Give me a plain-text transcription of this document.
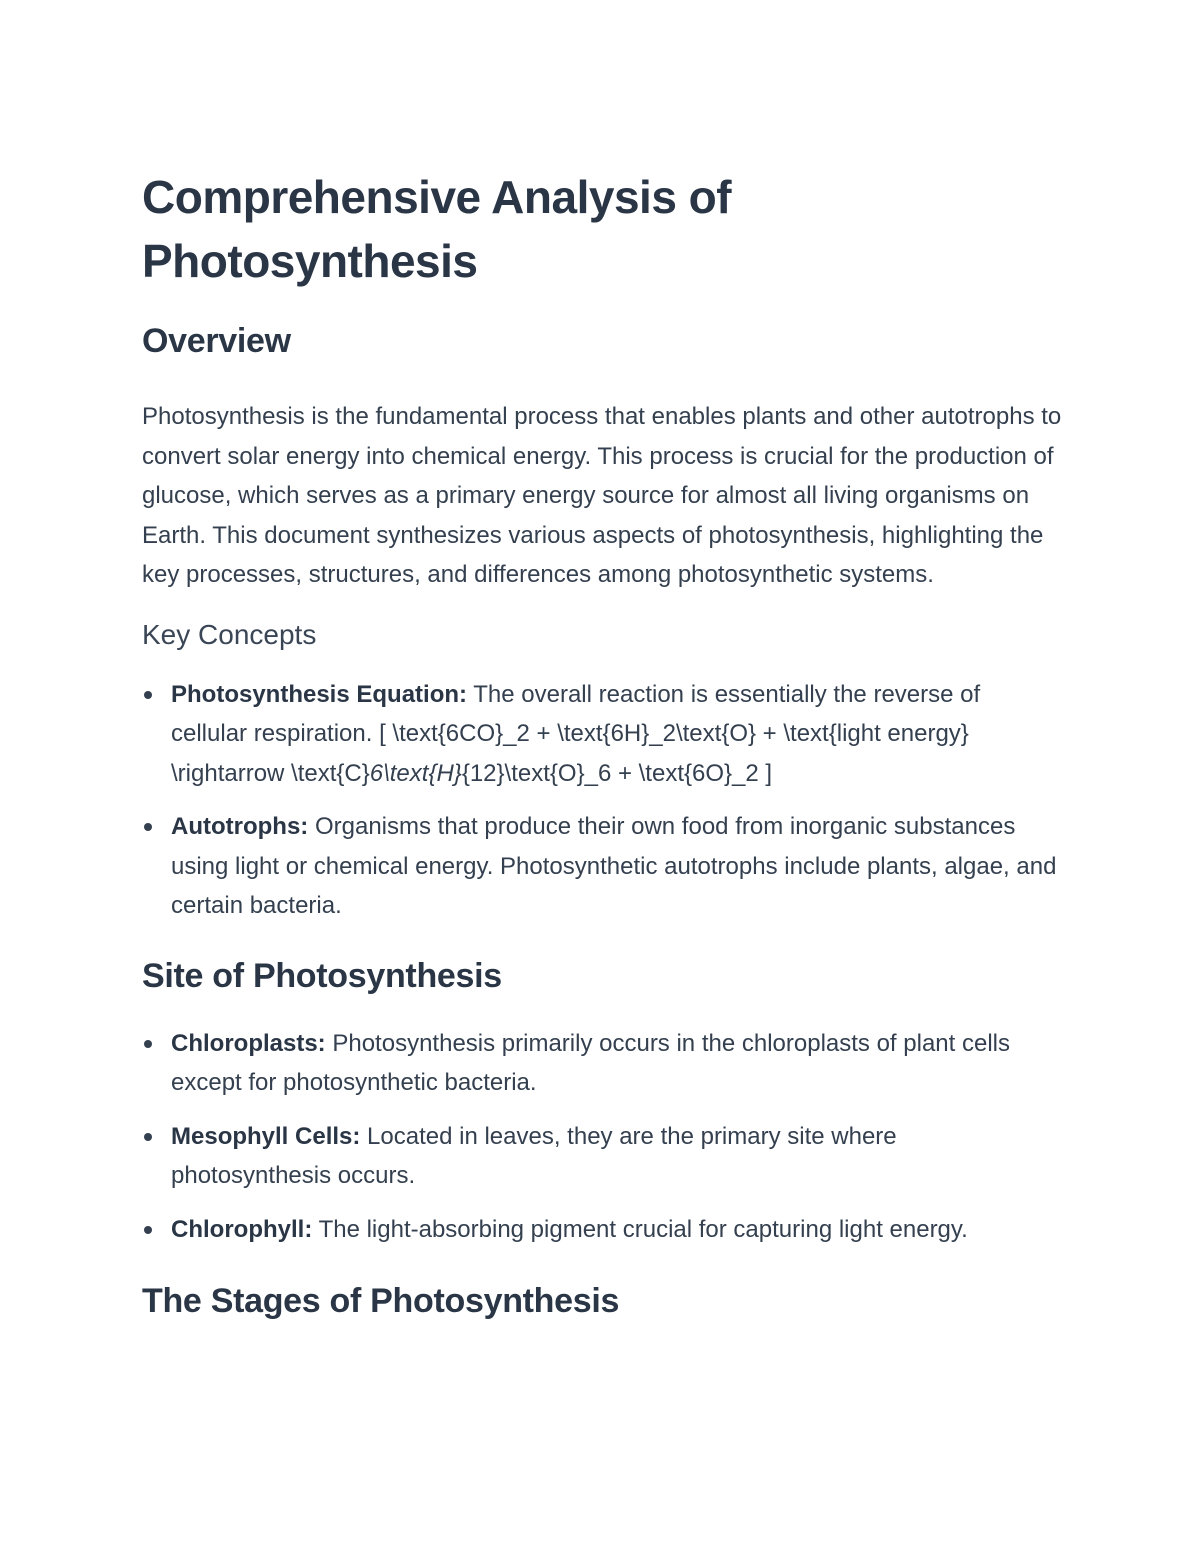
Comprehensive Analysis of Photosynthesis
Overview

Photosynthesis is the fundamental process that enables plants and other autotrophs to convert solar energy into chemical energy. This process is crucial for the production of glucose, which serves as a primary energy source for almost all living organisms on Earth. This document synthesizes various aspects of photosynthesis, highlighting the key processes, structures, and differences among photosynthetic systems.

Key Concepts
Photosynthesis Equation: The overall reaction is essentially the reverse of cellular respiration. [ \text{6CO}_2 + \text{6H}_2\text{O} + \text{light energy} \rightarrow \text{C}6\text{H}{12}\text{O}_6 + \text{6O}_2 ]
Autotrophs: Organisms that produce their own food from inorganic substances using light or chemical energy. Photosynthetic autotrophs include plants, algae, and certain bacteria.
Site of Photosynthesis
Chloroplasts: Photosynthesis primarily occurs in the chloroplasts of plant cells except for photosynthetic bacteria.
Mesophyll Cells: Located in leaves, they are the primary site where photosynthesis occurs.
Chlorophyll: The light-absorbing pigment crucial for capturing light energy.
The Stages of Photosynthesis
